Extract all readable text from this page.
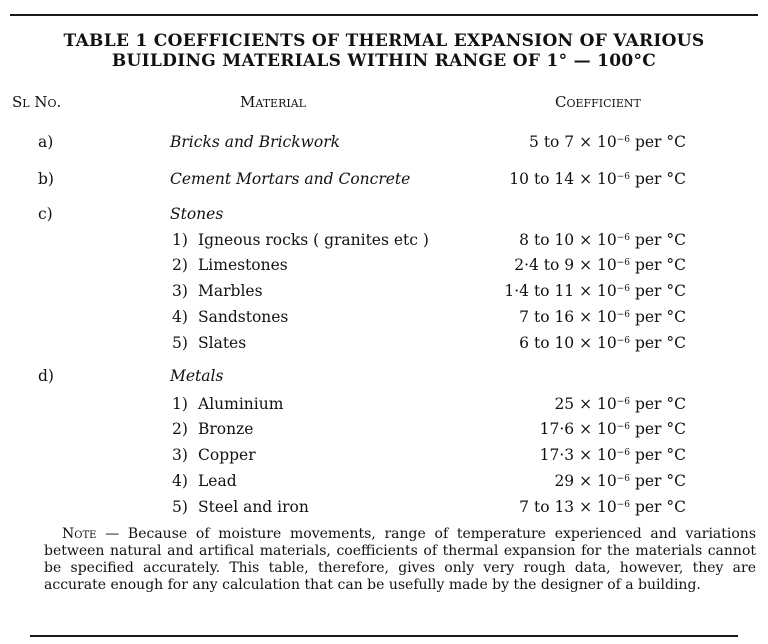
TABLE 1 COEFFICIENTS OF THERMAL EXPANSION OF VARIOUS
BUILDING MATERIALS WITHIN RANGE OF 1° — 100°C
Sl No.	Material	Coefficient
a)	Bricks and Brickwork	5 to $7 \times 10^{-6}$ per °C
b)	Cement Mortars and Concrete	10 to $14 \times 10^{-6}$ per °C
c)	Stones
1) Igneous rocks ( granites etc )	8 to $10 \times 10^{-6}$ per °C
2) Limestones	2·4 to $9 \times 10^{-6}$ per °C
3) Marbles	1·4 to $11 \times 10^{-6}$ per °C
4) Sandstones	7 to $16 \times 10^{-6}$ per °C
5) Slates	6 to $10 \times 10^{-6}$ per °C
d)	Metals
1) Aluminium	$25 \times 10^{-6}$ per °C
2) Bronze	$17\cdot 6 \times 10^{-6}$ per °C
3) Copper	$17\cdot 3 \times 10^{-6}$ per °C
4) Lead	$29 \times 10^{-6}$ per °C
5) Steel and iron	7 to $13 \times 10^{-6}$ per °C
Note — Because of moisture movements, range of temperature experienced and variations between natural and artifical materials, coefficients of thermal expansion for the materials cannot be specified accurately. This table, therefore, gives only very rough data, however, they are accurate enough for any calculation that can be usefully made by the designer of a building.
